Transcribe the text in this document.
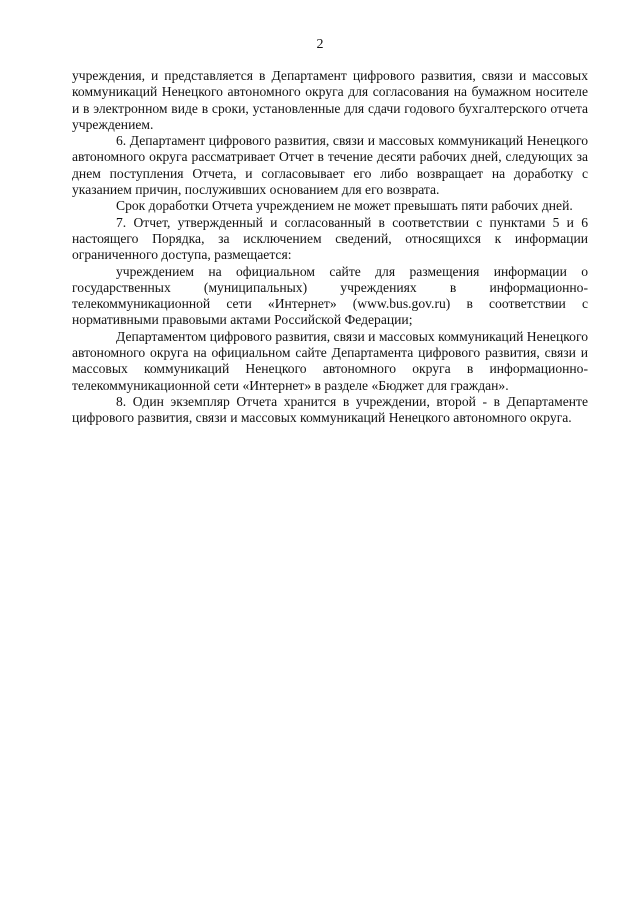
2

учреждения, и представляется в Департамент цифрового развития, связи и массовых коммуникаций Ненецкого автономного округа для согласования на бумажном носителе и в электронном виде в сроки, установленные для сдачи годового бухгалтерского отчета учреждением.

6. Департамент цифрового развития, связи и массовых коммуникаций Ненецкого автономного округа рассматривает Отчет в течение десяти рабочих дней, следующих за днем поступления Отчета, и согласовывает его либо возвращает на доработку с указанием причин, послуживших основанием для его возврата.

Срок доработки Отчета учреждением не может превышать пяти рабочих дней.

7. Отчет, утвержденный и согласованный в соответствии с пунктами 5 и 6 настоящего Порядка, за исключением сведений, относящихся к информации ограниченного доступа, размещается:

учреждением на официальном сайте для размещения информации о государственных (муниципальных) учреждениях в информационно-телекоммуникационной сети «Интернет» (www.bus.gov.ru) в соответствии с нормативными правовыми актами Российской Федерации;

Департаментом цифрового развития, связи и массовых коммуникаций Ненецкого автономного округа на официальном сайте Департамента цифрового развития, связи и массовых коммуникаций Ненецкого автономного округа в информационно-телекоммуникационной сети «Интернет» в разделе «Бюджет для граждан».

8. Один экземпляр Отчета хранится в учреждении, второй - в Департаменте цифрового развития, связи и массовых коммуникаций Ненецкого автономного округа.
